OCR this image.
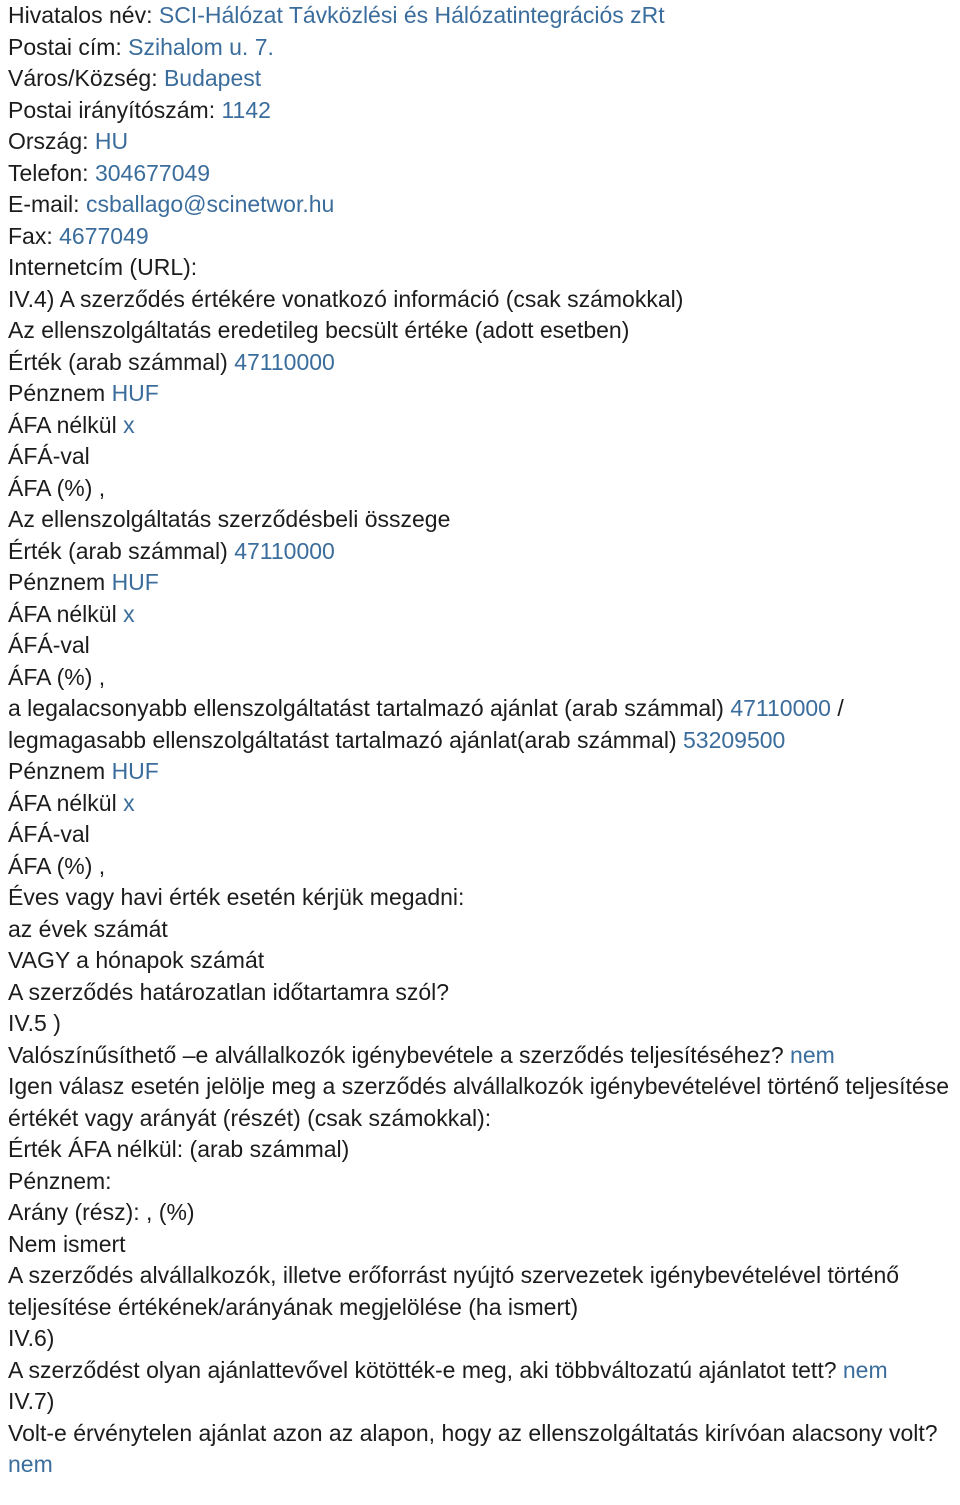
Hivatalos név: SCI-Hálózat Távközlési és Hálózatintegrációs zRt
Postai cím: Szihalom u. 7.
Város/Község: Budapest
Postai irányítószám: 1142
Ország: HU
Telefon: 304677049
E-mail: csballago@scinetwor.hu
Fax: 4677049
Internetcím (URL):
IV.4) A szerződés értékére vonatkozó információ (csak számokkal)
Az ellenszolgáltatás eredetileg becsült értéke (adott esetben)
Érték (arab számmal) 47110000
Pénznem HUF
ÁFA nélkül x
ÁFÁ-val
ÁFA (%) ,
Az ellenszolgáltatás szerződésbeli összege
Érték (arab számmal) 47110000
Pénznem HUF
ÁFA nélkül x
ÁFÁ-val
ÁFA (%) ,
a legalacsonyabb ellenszolgáltatást tartalmazó ajánlat (arab számmal) 47110000 /
legmagasabb ellenszolgáltatást tartalmazó ajánlat(arab számmal) 53209500
Pénznem HUF
ÁFA nélkül x
ÁFÁ-val
ÁFA (%) ,
Éves vagy havi érték esetén kérjük megadni:
az évek számát
VAGY a hónapok számát
A szerződés határozatlan időtartamra szól?
IV.5 )
Valószínűsíthető –e alvállalkozók igénybevétele a szerződés teljesítéséhez? nem
Igen válasz esetén jelölje meg a szerződés alvállalkozók igénybevételével történő teljesítése értékét vagy arányát (részét) (csak számokkal):
Érték ÁFA nélkül: (arab számmal)
Pénznem:
Arány (rész): , (%)
Nem ismert
A szerződés alvállalkozók, illetve erőforrást nyújtó szervezetek igénybevételével történő teljesítése értékének/arányának megjelölése (ha ismert)
IV.6)
A szerződést olyan ajánlattevővel kötötték-e meg, aki többváltozatú ajánlatot tett? nem
IV.7)
Volt-e érvénytelen ajánlat azon az alapon, hogy az ellenszolgáltatás kirívóan alacsony volt? nem
